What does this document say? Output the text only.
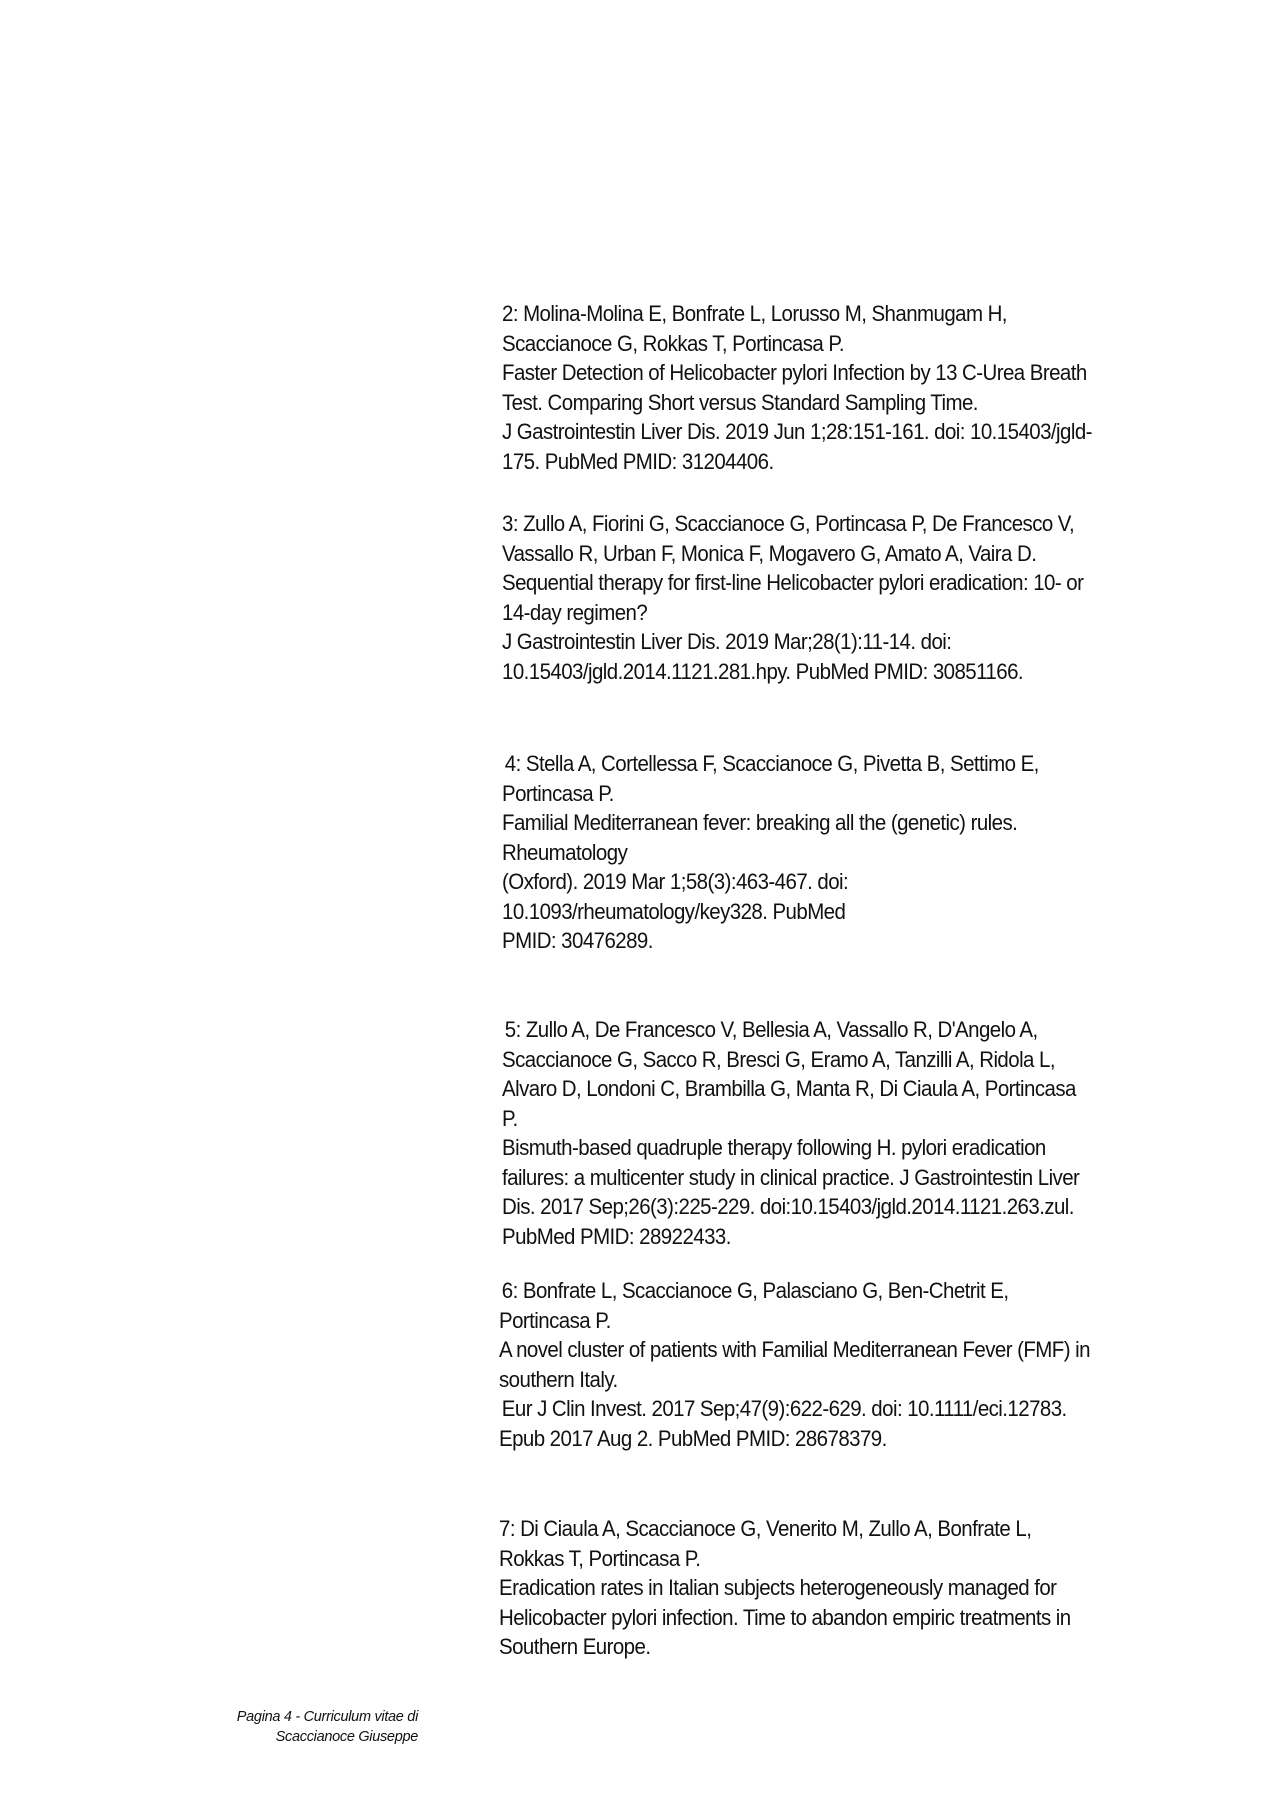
2: Molina-Molina E, Bonfrate L, Lorusso M, Shanmugam H,
Scaccianoce G, Rokkas T, Portincasa P.
Faster Detection of Helicobacter pylori Infection by 13 C-Urea Breath
Test. Comparing Short versus Standard Sampling Time.
J Gastrointestin Liver Dis. 2019 Jun 1;28:151-161. doi: 10.15403/jgld-
175. PubMed PMID: 31204406.
3: Zullo A, Fiorini G, Scaccianoce G, Portincasa P, De Francesco V,
Vassallo R, Urban F, Monica F, Mogavero G, Amato A, Vaira D.
Sequential therapy for first-line Helicobacter pylori eradication: 10- or
14-day regimen?
J Gastrointestin Liver Dis. 2019 Mar;28(1):11-14. doi:
10.15403/jgld.2014.1121.281.hpy. PubMed PMID: 30851166.
4: Stella A, Cortellessa F, Scaccianoce G, Pivetta B, Settimo E,
Portincasa P.
Familial Mediterranean fever: breaking all the (genetic) rules.
Rheumatology
(Oxford). 2019 Mar 1;58(3):463-467. doi:
10.1093/rheumatology/key328. PubMed
PMID: 30476289.
5: Zullo A, De Francesco V, Bellesia A, Vassallo R, D'Angelo A,
Scaccianoce G, Sacco R, Bresci G, Eramo A, Tanzilli A, Ridola L,
Alvaro D, Londoni C, Brambilla G, Manta R, Di Ciaula A, Portincasa
P.
Bismuth-based quadruple therapy following H. pylori eradication
failures: a multicenter study in clinical practice. J Gastrointestin Liver
Dis. 2017 Sep;26(3):225-229. doi:10.15403/jgld.2014.1121.263.zul.
PubMed PMID: 28922433.
6: Bonfrate L, Scaccianoce G, Palasciano G, Ben-Chetrit E,
Portincasa P.
A novel cluster of patients with Familial Mediterranean Fever (FMF) in
southern Italy.
Eur J Clin Invest. 2017 Sep;47(9):622-629. doi: 10.1111/eci.12783.
Epub 2017 Aug 2. PubMed PMID: 28678379.
7: Di Ciaula A, Scaccianoce G, Venerito M, Zullo A, Bonfrate L,
Rokkas T, Portincasa P.
Eradication rates in Italian subjects heterogeneously managed for
Helicobacter pylori infection. Time to abandon empiric treatments in
Southern Europe.
Pagina 4 - Curriculum vitae di
Scaccianoce Giuseppe
